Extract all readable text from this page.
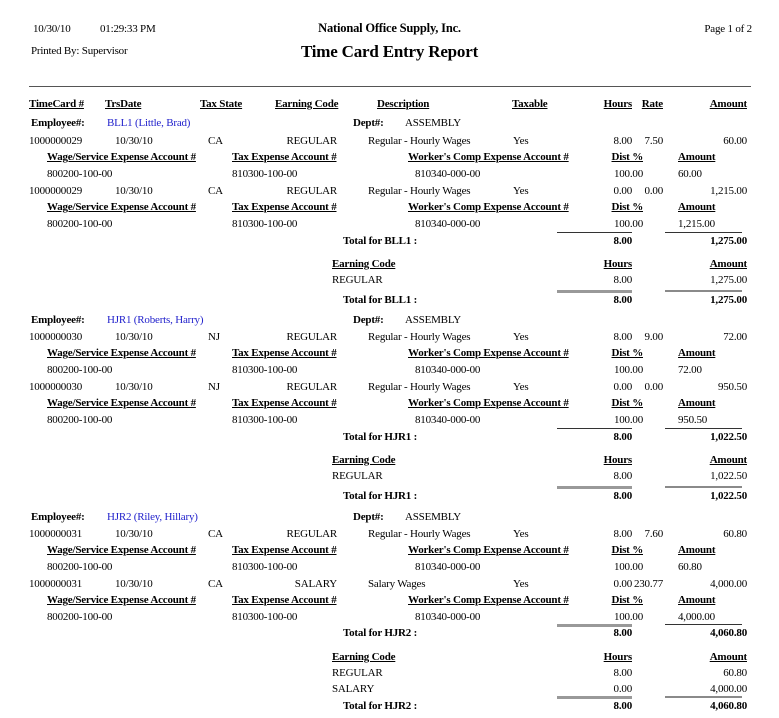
10/30/10	01:29:33 PM	National Office Supply, Inc.	Page 1 of 2
Printed By: Supervisor	Time Card Entry Report
TimeCard # TrsDate	Tax State	Earning Code	Description	Taxable	Hours Rate	Amount
Employee#: BLL1 (Little, Brad)	Dept#: ASSEMBLY
1000000029	10/30/10	CA	REGULAR	Regular - Hourly Wages	Yes	8.00	7.50	60.00
Wage/Service Expense Account #	Tax Expense Account #	Worker's Comp Expense Account #	Dist %	Amount
800200-100-00	810300-100-00	810340-000-00	100.00	60.00
1000000029	10/30/10	CA	REGULAR	Regular - Hourly Wages	Yes	0.00	0.00	1,215.00
Wage/Service Expense Account #	Tax Expense Account #	Worker's Comp Expense Account #	Dist %	Amount
800200-100-00	810300-100-00	810340-000-00	100.00	1,215.00
Total for BLL1 :	8.00	1,275.00
Earning Code	Hours	Amount
REGULAR	8.00	1,275.00
Total for BLL1 :	8.00	1,275.00
Employee#: HJR1 (Roberts, Harry)	Dept#: ASSEMBLY
1000000030	10/30/10	NJ	REGULAR	Regular - Hourly Wages	Yes	8.00	9.00	72.00
Wage/Service Expense Account #	Tax Expense Account #	Worker's Comp Expense Account #	Dist %	Amount
800200-100-00	810300-100-00	810340-000-00	100.00	72.00
1000000030	10/30/10	NJ	REGULAR	Regular - Hourly Wages	Yes	0.00	0.00	950.50
Wage/Service Expense Account #	Tax Expense Account #	Worker's Comp Expense Account #	Dist %	Amount
800200-100-00	810300-100-00	810340-000-00	100.00	950.50
Total for HJR1 :	8.00	1,022.50
Earning Code	Hours	Amount
REGULAR	8.00	1,022.50
Total for HJR1 :	8.00	1,022.50
Employee#: HJR2 (Riley, Hillary)	Dept#: ASSEMBLY
1000000031	10/30/10	CA	REGULAR	Regular - Hourly Wages	Yes	8.00	7.60	60.80
Wage/Service Expense Account #	Tax Expense Account #	Worker's Comp Expense Account #	Dist %	Amount
800200-100-00	810300-100-00	810340-000-00	100.00	60.80
1000000031	10/30/10	CA	SALARY	Salary Wages	Yes	0.00 230.77	4,000.00
Wage/Service Expense Account #	Tax Expense Account #	Worker's Comp Expense Account #	Dist %	Amount
800200-100-00	810300-100-00	810340-000-00	100.00	4,000.00
Total for HJR2 :	8.00	4,060.80
Earning Code	Hours	Amount
REGULAR	8.00	60.80
SALARY	0.00	4,000.00
Total for HJR2 :	8.00	4,060.80
